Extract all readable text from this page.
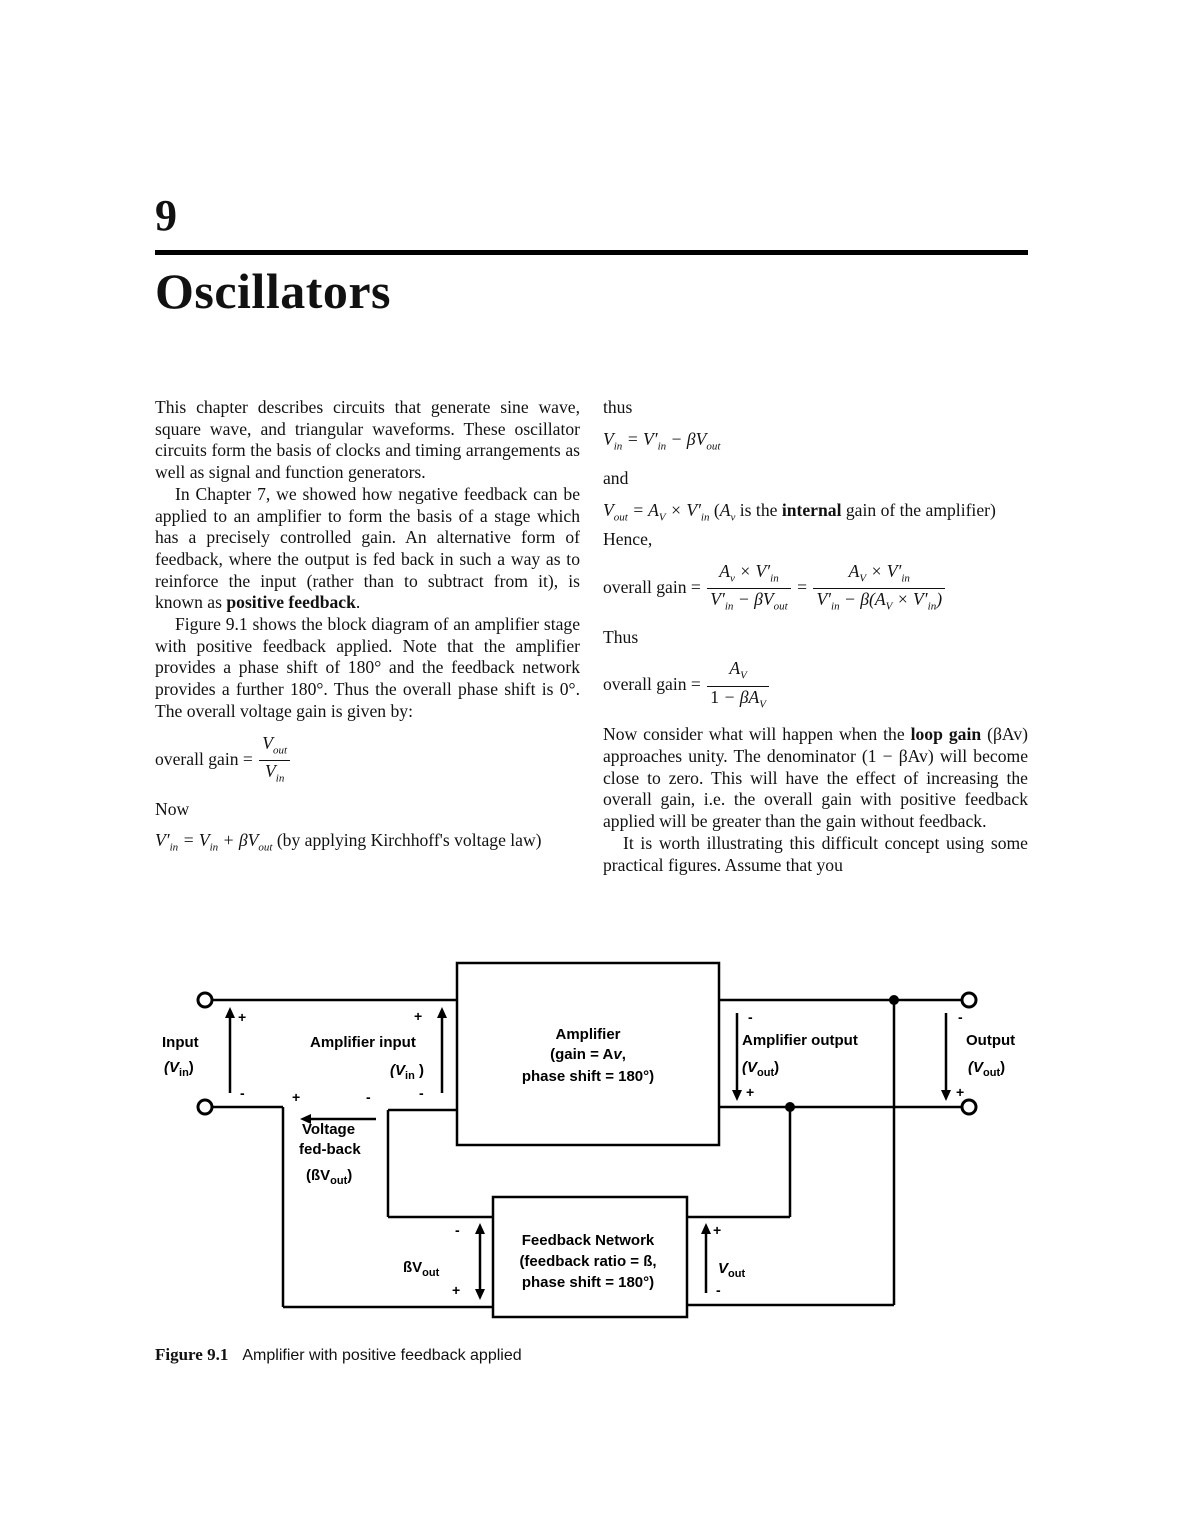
9
Oscillators

This chapter describes circuits that generate sine wave, square wave, and triangular waveforms. These oscillator circuits form the basis of clocks and timing arrangements as well as signal and function generators.

In Chapter 7, we showed how negative feedback can be applied to an amplifier to form the basis of a stage which has a precisely controlled gain. An alternative form of feedback, where the output is fed back in such a way as to reinforce the input (rather than to subtract from it), is known as positive feedback.

Figure 9.1 shows the block diagram of an amplifier stage with positive feedback applied. Note that the amplifier provides a phase shift of 180° and the feedback network provides a further 180°. Thus the overall phase shift is 0°. The overall voltage gain is given by:

overall gain = $\frac{V_{out}}{V_{in}}$

Now

$V'_{in} = V_{in} + \beta V_{out}$ (by applying Kirchhoff's voltage law)

thus

$V_{in} = V'_{in} - \beta V_{out}$

and

$V_{out} = A_V \times V'_{in}$ ($A_v$ is the internal gain of the amplifier)

Hence,

overall gain = $\frac{A_v \times V'_{in}}{V'_{in} - \beta V_{out}} = \frac{A_V \times V'_{in}}{V'_{in} - \beta(A_V \times V'_{in})}$

Thus

overall gain = $\frac{A_V}{1 - \beta A_V}$

Now consider what will happen when the loop gain (βAv) approaches unity. The denominator (1 − βAv) will become close to zero. This will have the effect of increasing the overall gain, i.e. the overall gain with positive feedback applied will be greater than the gain without feedback.

It is worth illustrating this difficult concept using some practical figures. Assume that you

Input
$(V_{in})$
Amplifier input
($V_{in}$ )
Amplifier
(gain = Av,
phase shift = 180°)
Amplifier output
$(V_{out})$
Output
$(V_{out})$
Voltage
fed-back
$(ßV_{out})$
Feedback Network
(feedback ratio = ß,
phase shift = 180°)
$ßV_{out}$	$V_{out}$
+
-
+
-
+	-
-
+
-
+
-
+
+
-
Figure 9.1 Amplifier with positive feedback applied
